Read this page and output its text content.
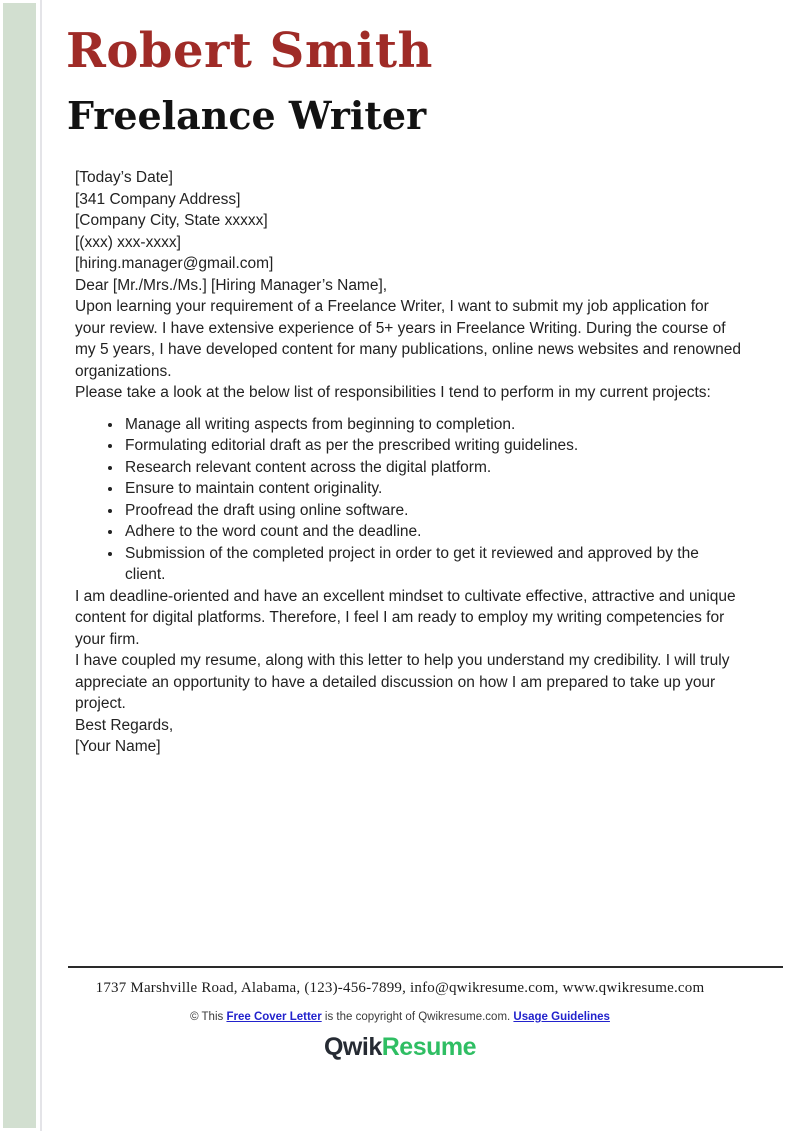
Robert Smith
Freelance Writer
[Today’s Date]
[341 Company Address]
[Company City, State xxxxx]
[(xxx) xxx-xxxx]
[hiring.manager@gmail.com]

Dear [Mr./Mrs./Ms.] [Hiring Manager’s Name],

Upon learning your requirement of a Freelance Writer, I want to submit my job application for your review. I have extensive experience of 5+ years in Freelance Writing. During the course of my 5 years, I have developed content for many publications, online news websites and renowned organizations.

Please take a look at the below list of responsibilities I tend to perform in my current projects:

• Manage all writing aspects from beginning to completion.
• Formulating editorial draft as per the prescribed writing guidelines.
• Research relevant content across the digital platform.
• Ensure to maintain content originality.
• Proofread the draft using online software.
• Adhere to the word count and the deadline.
• Submission of the completed project in order to get it reviewed and approved by the client.

I am deadline-oriented and have an excellent mindset to cultivate effective, attractive and unique content for digital platforms. Therefore, I feel I am ready to employ my writing competencies for your firm.

I have coupled my resume, along with this letter to help you understand my credibility. I will truly appreciate an opportunity to have a detailed discussion on how I am prepared to take up your project.

Best Regards,
[Your Name]
1737 Marshville Road, Alabama, (123)-456-7899, info@qwikresume.com, www.qwikresume.com
© This Free Cover Letter is the copyright of Qwikresume.com. Usage Guidelines
QwikResume
